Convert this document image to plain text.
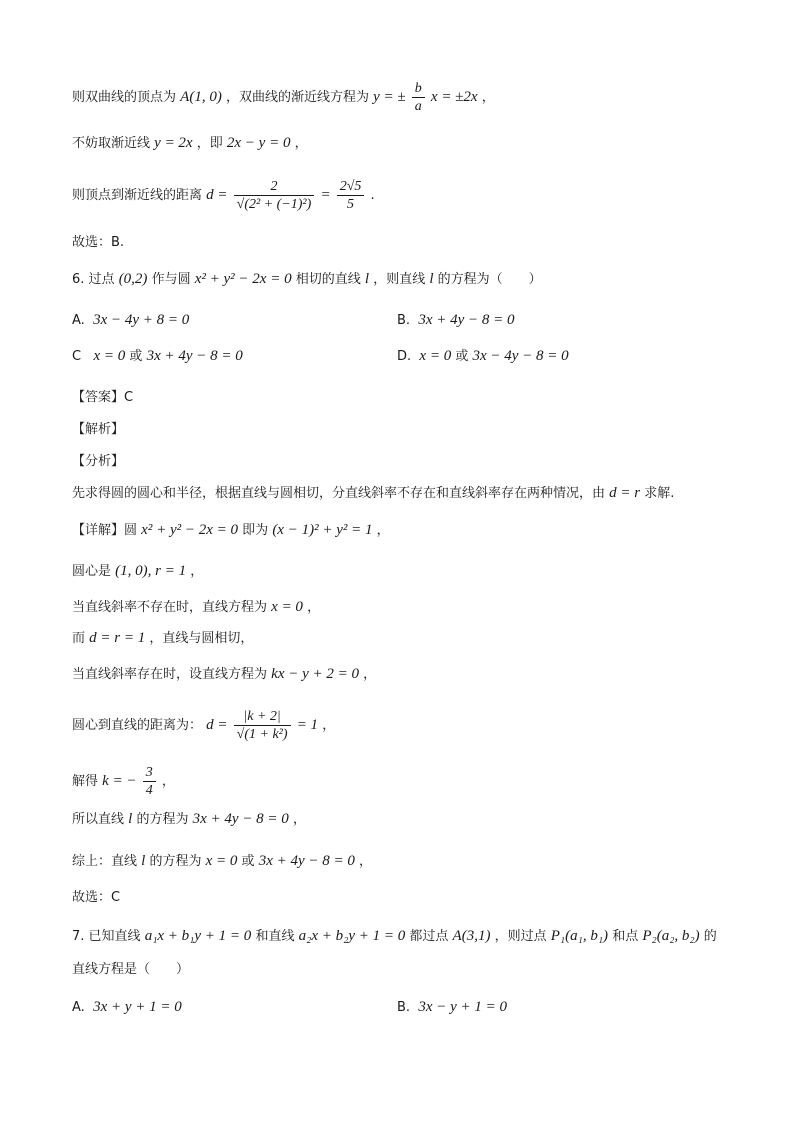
则双曲线的顶点为 A(1, 0) ，双曲线的渐近线方程为 y = ± $\frac{b}{a}$ x = ±2x ，
不妨取渐近线 y = 2x ，即 2x − y = 0 ，
则顶点到渐近线的距离 $d = \frac{2}{\text{√(2² + (−1)²)}} = \frac{2√5}{5}$ .
故选：B.
6. 过点 (0,2) 作与圆 x² + y² − 2x = 0 相切的直线 l ，则直线 l 的方程为（　　）
A. 3x − 4y + 8 = 0	B. 3x + 4y − 8 = 0
C x = 0 或 3x + 4y − 8 = 0	D. x = 0 或 3x − 4y − 8 = 0
【答案】C
【解析】
【分析】
先求得圆的圆心和半径，根据直线与圆相切，分直线斜率不存在和直线斜率存在两种情况，由 d = r 求解.
【详解】圆 x² + y² − 2x = 0 即为 (x − 1)² + y² = 1 ，
圆心是 (1, 0), r = 1 ，
当直线斜率不存在时，直线方程为 x = 0 ，
而 d = r = 1 ，直线与圆相切，
当直线斜率存在时，设直线方程为 kx − y + 2 = 0 ，
圆心到直线的距离为： $d = \frac{|k + 2|}{\text{√(1 + k²)}} = 1$ ，
解得 k = − $\frac{3}{4}$ ，
所以直线 l 的方程为 3x + 4y − 8 = 0 ，
综上：直线 l 的方程为 x = 0 或 3x + 4y − 8 = 0 ，
故选：C
7. 已知直线 a₁x + b₁y + 1 = 0 和直线 a₂x + b₂y + 1 = 0 都过点 A(3,1) ，则过点 P₁(a₁, b₁) 和点 P₂(a₂, b₂) 的
直线方程是（　　）
A. 3x + y + 1 = 0	B. 3x − y + 1 = 0
